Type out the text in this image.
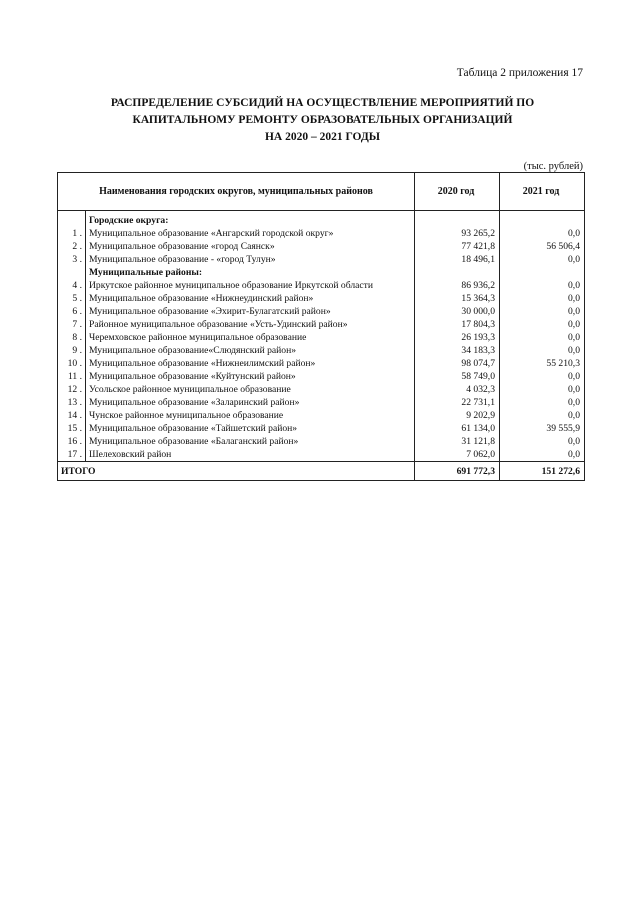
Таблица 2 приложения 17
РАСПРЕДЕЛЕНИЕ СУБСИДИЙ НА ОСУЩЕСТВЛЕНИЕ МЕРОПРИЯТИЙ ПО
КАПИТАЛЬНОМУ РЕМОНТУ ОБРАЗОВАТЕЛЬНЫХ ОРГАНИЗАЦИЙ
НА 2020 – 2021 ГОДЫ
(тыс. рублей)
Наименования городских округов, муниципальных районов		2020 год	2021 год
	Городские округа:		
1 .	Муниципальное образование «Ангарский городской округ»	93 265,2	0,0
2 .	Муниципальное образование «город Саянск»	77 421,8	56 506,4
3 .	Муниципальное образование - «город Тулун»	18 496,1	0,0
	Муниципальные районы:		
4 .	Иркутское районное муниципальное образование Иркутской области	86 936,2	0,0
5 .	Муниципальное образование «Нижнеудинский район»	15 364,3	0,0
6 .	Муниципальное образование «Эхирит-Булагатский район»	30 000,0	0,0
7 .	Районное муниципальное образование «Усть-Удинский район»	17 804,3	0,0
8 .	Черемховское районное муниципальное образование	26 193,3	0,0
9 .	Муниципальное образование«Слюдянский район»	34 183,3	0,0
10 .	Муниципальное образование «Нижнеилимский район»	98 074,7	55 210,3
11 .	Муниципальное образование «Куйтунский район»	58 749,0	0,0
12 .	Усольское районное муниципальное образование	4 032,3	0,0
13 .	Муниципальное образование «Заларинский район»	22 731,1	0,0
14 .	Чунское районное муниципальное образование	9 202,9	0,0
15 .	Муниципальное образование «Тайшетский район»	61 134,0	39 555,9
16 .	Муниципальное образование «Балаганский район»	31 121,8	0,0
17 .	Шелеховский район	7 062,0	0,0
ИТОГО		691 772,3	151 272,6
